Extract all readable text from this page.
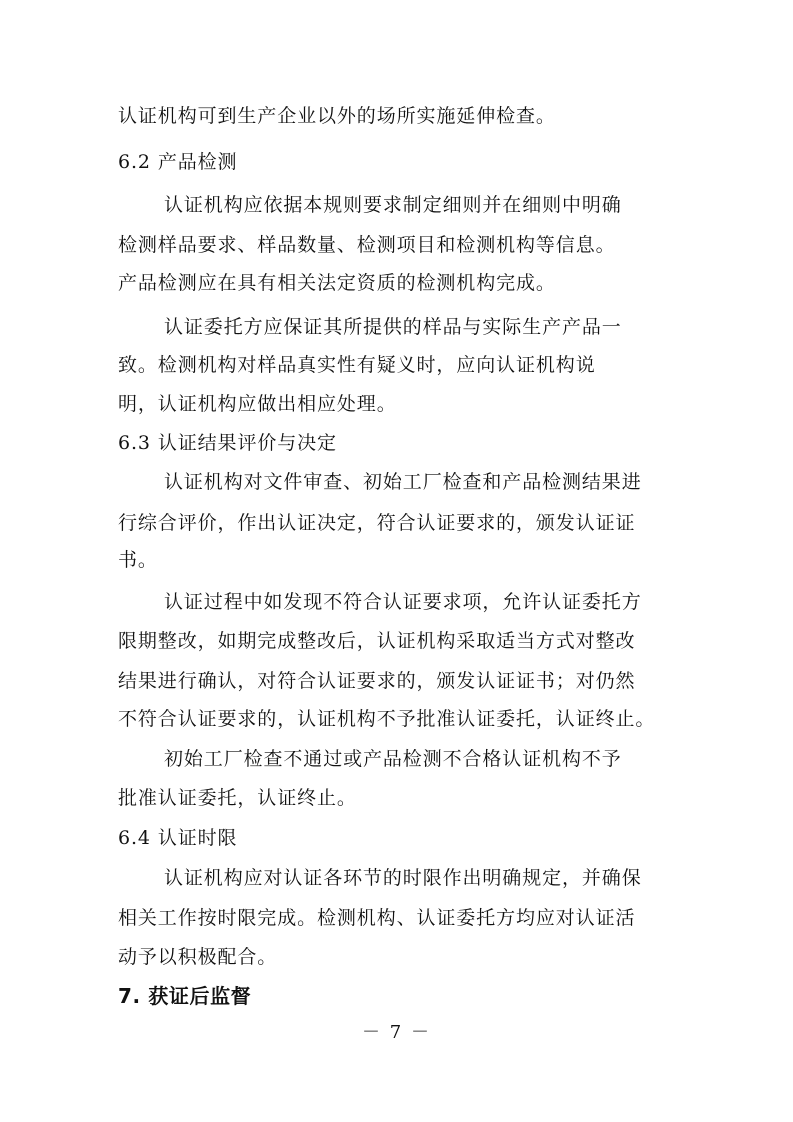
认证机构可到生产企业以外的场所实施延伸检查。
6.2 产品检测
认证机构应依据本规则要求制定细则并在细则中明确
检测样品要求、样品数量、检测项目和检测机构等信息。
产品检测应在具有相关法定资质的检测机构完成。
认证委托方应保证其所提供的样品与实际生产产品一
致。检测机构对样品真实性有疑义时，应向认证机构说
明，认证机构应做出相应处理。
6.3 认证结果评价与决定
认证机构对文件审查、初始工厂检查和产品检测结果进
行综合评价，作出认证决定，符合认证要求的，颁发认证证
书。
认证过程中如发现不符合认证要求项，允许认证委托方
限期整改，如期完成整改后，认证机构采取适当方式对整改
结果进行确认，对符合认证要求的，颁发认证证书；对仍然
不符合认证要求的，认证机构不予批准认证委托，认证终止。
初始工厂检查不通过或产品检测不合格认证机构不予
批准认证委托，认证终止。
6.4 认证时限
认证机构应对认证各环节的时限作出明确规定，并确保
相关工作按时限完成。检测机构、认证委托方均应对认证活
动予以积极配合。
7. 获证后监督
－ 7 －
